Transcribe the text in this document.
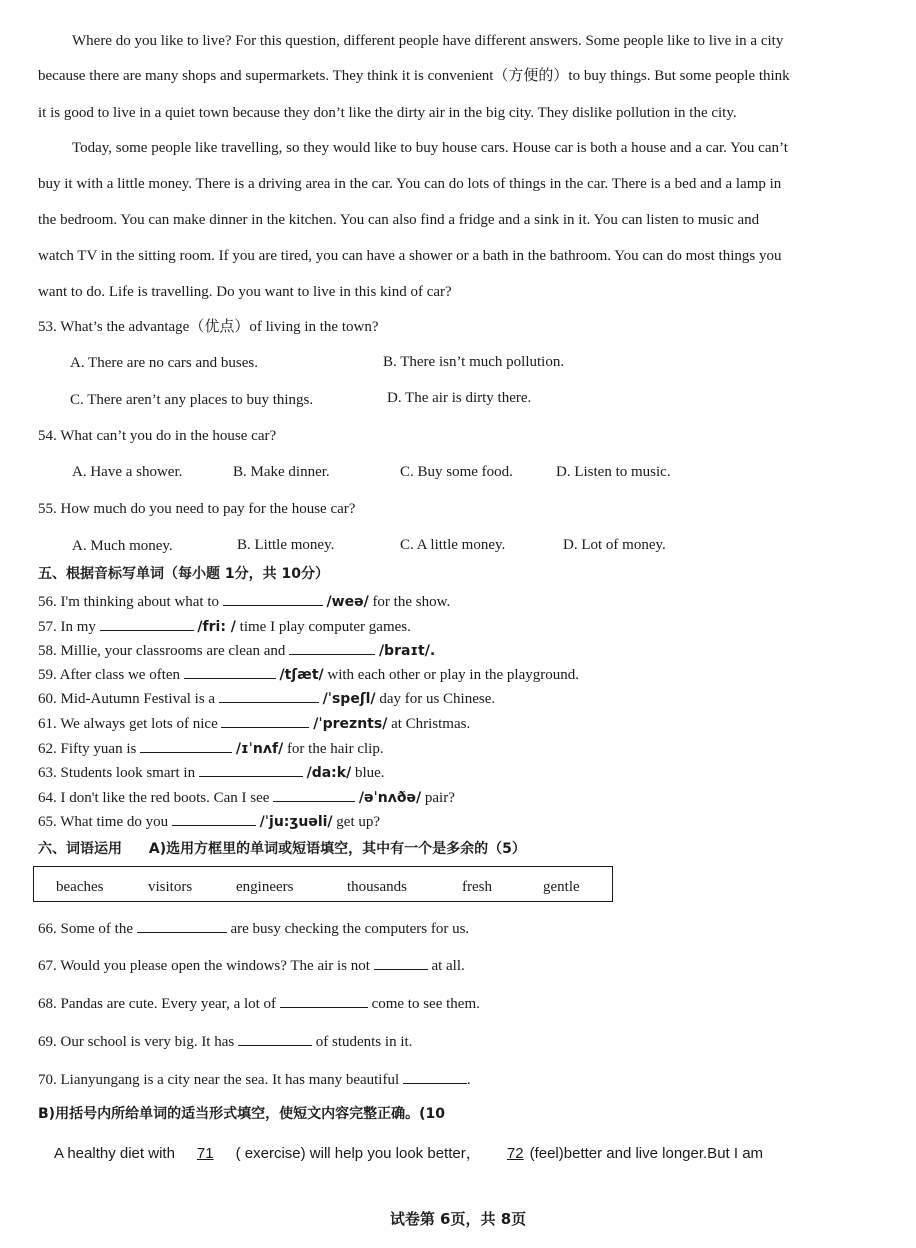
Where do you like to live? For this question, different people have different answers. Some people like to live in a city
because there are many shops and supermarkets. They think it is convenient（方便的）to buy things. But some people think
it is good to live in a quiet town because they don’t like the dirty air in the big city. They dislike pollution in the city.
Today, some people like travelling, so they would like to buy house cars. House car is both a house and a car. You can’t
buy it with a little money. There is a driving area in the car. You can do lots of things in the car. There is a bed and a lamp in
the bedroom. You can make dinner in the kitchen. You can also find a fridge and a sink in it. You can listen to music and
watch TV in the sitting room. If you are tired, you can have a shower or a bath in the bathroom. You can do most things you
want to do. Life is travelling. Do you want to live in this kind of car?
53. What’s the advantage（优点）of living in the town?
A. There are no cars and buses.	B. There isn’t much pollution.
C. There aren’t any places to buy things.	D. The air is dirty there.
54. What can’t you do in the house car?
A. Have a shower.	B. Make dinner.	C. Buy some food.	D. Listen to music.
55. How much do you need to pay for the house car?
A. Much money.	B. Little money.	C. A little money.	D. Lot of money.
五、根据音标写单词（每小题 1分，共 10分）
56. I'm thinking about what to	/weə/ for the show.
57. In my	/fri: / time I play computer games.
58. Millie, your classrooms are clean and	/braɪt/.
59. After class we often	/tʃæt/ with each other or play in the playground.
60. Mid-Autumn Festival is a	/ˈspeʃl/ day for us Chinese.
61. We always get lots of nice	/ˈpreznts/ at Christmas.
62. Fifty yuan is	/ɪˈnʌf/ for the hair clip.
63. Students look smart in	/da:k/ blue.
64. I don't like the red boots. Can I see	/əˈnʌðə/ pair?
65. What time do you	/ˈju:ʒuəli/ get up?
六、词语运用 A)选用方框里的单词或短语填空，其中有一个是多余的（5）
beaches	visitors	engineers	thousands	fresh	gentle
66. Some of the	are busy checking the computers for us.
67. Would you please open the windows? The air is not	at all.
68. Pandas are cute. Every year, a lot of	come to see them.
69. Our school is very big. It has	of students in it.
70. Lianyungang is a city near the sea. It has many beautiful	.
B)用括号内所给单词的适当形式填空，使短文内容完整正确。(10
A healthy diet with 71 ( exercise) will help you look better， 72 (feel)better and live longer.But I am
试卷第 6页，共 8页
